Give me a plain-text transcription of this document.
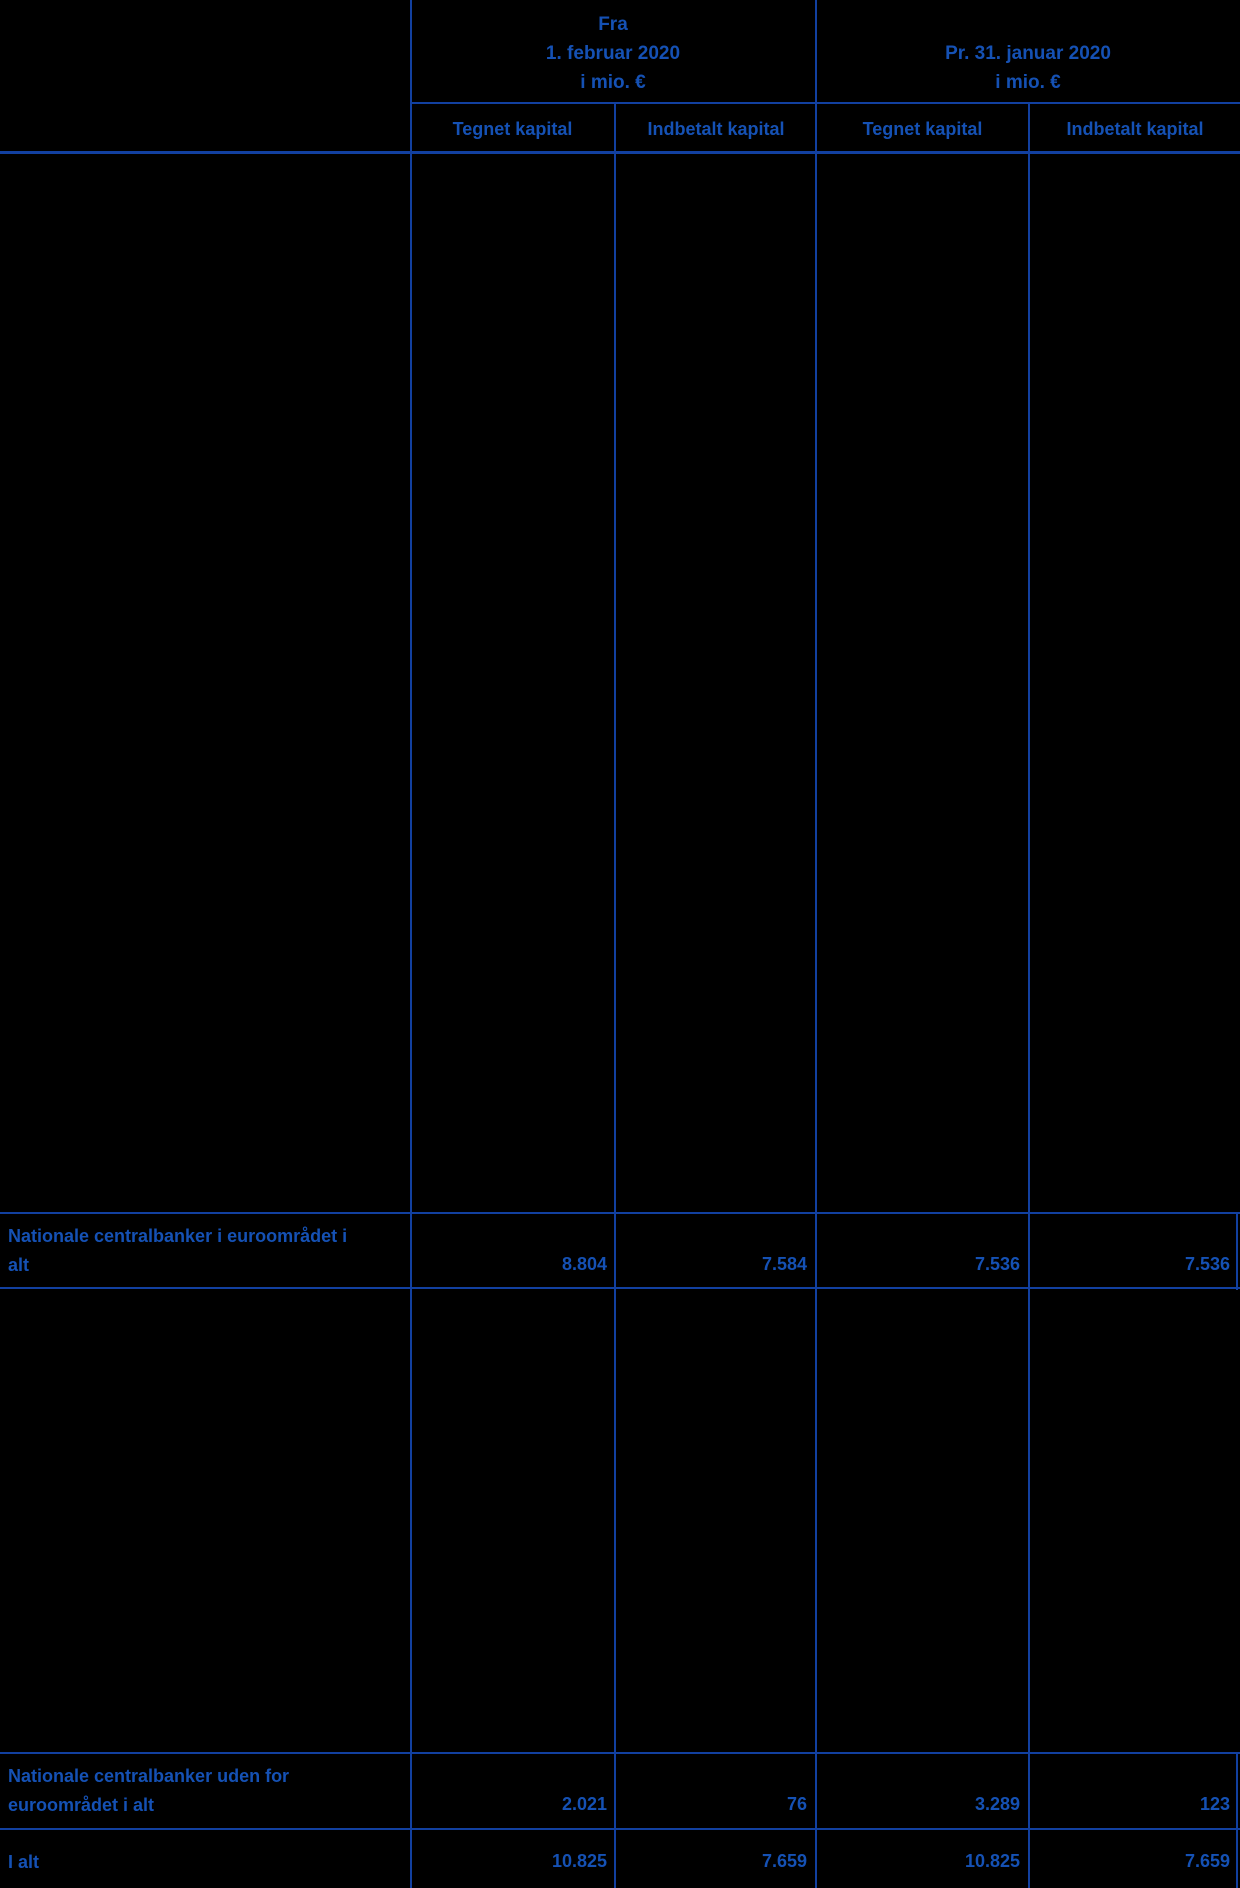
Fra
1. februar 2020
i mio. €
Pr. 31. januar 2020
i mio. €
Tegnet kapital	Indbetalt kapital	Tegnet kapital	Indbetalt kapital
Nationale centralbanker i euroområdet i
alt	8.804	7.584	7.536	7.536
Nationale centralbanker uden for
euroområdet i alt	2.021	76	3.289	123
I alt	10.825	7.659	10.825	7.659
